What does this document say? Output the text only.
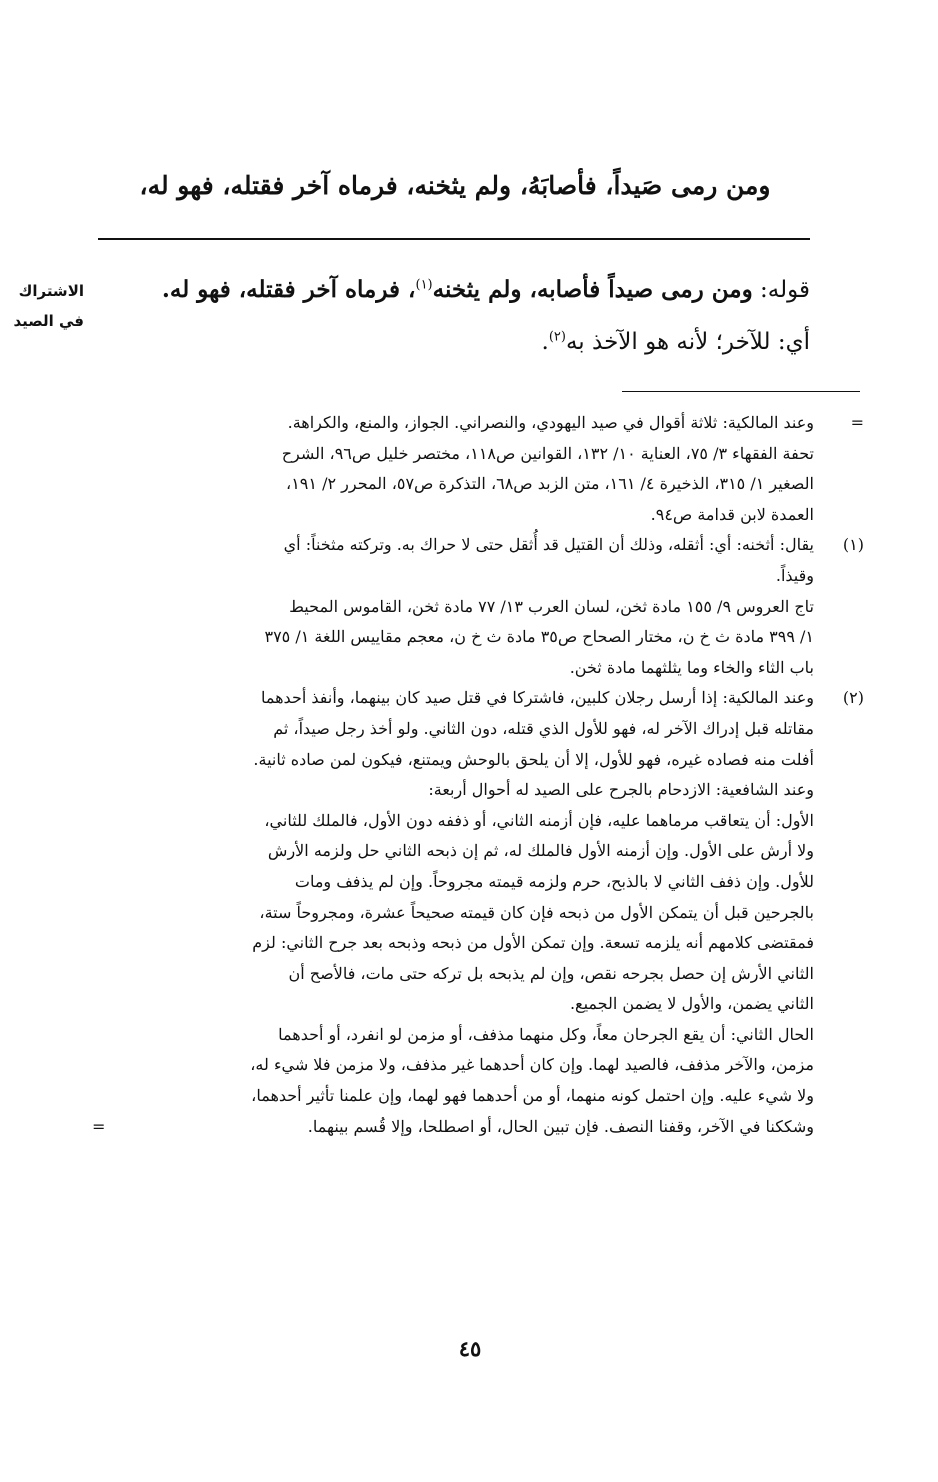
ومن رمى صَيداً، فأصابَهُ، ولم يثخنه، فرماه آخر فقتله، فهو له،
الاشتراك
في الصيد

قوله: ومن رمى صيداً فأصابه، ولم يثخنه$^{(١)}$، فرماه آخر فقتله، فهو له.

أي: للآخر؛ لأنه هو الآخذ به$^{(٢)}$.

=
وعند المالكية: ثلاثة أقوال في صيد اليهودي، والنصراني. الجواز، والمنع، والكراهة.
تحفة الفقهاء ٣/ ٧٥، العناية ١٠/ ١٣٢، القوانين ص١١٨، مختصر خليل ص٩٦، الشرح
الصغير ١/ ٣١٥، الذخيرة ٤/ ١٦١، متن الزبد ص٦٨، التذكرة ص٥٧، المحرر ٢/ ١٩١،
العمدة لابن قدامة ص٩٤.
(١)
يقال: أثخنه: أي: أثقله، وذلك أن القتيل قد أُثقل حتى لا حراك به. وتركته مثخناً: أي
وقيذاً.
تاج العروس ٩/ ١٥٥ مادة ثخن، لسان العرب ١٣/ ٧٧ مادة ثخن، القاموس المحيط
١/ ٣٩٩ مادة ث خ ن، مختار الصحاح ص٣٥ مادة ث خ ن، معجم مقاييس اللغة ١/ ٣٧٥
باب الثاء والخاء وما يثلثهما مادة ثخن.
(٢)
وعند المالكية: إذا أرسل رجلان كلبين، فاشتركا في قتل صيد كان بينهما، وأنفذ أحدهما
مقاتله قبل إدراك الآخر له، فهو للأول الذي قتله، دون الثاني. ولو أخذ رجل صيداً، ثم
أفلت منه فصاده غيره، فهو للأول، إلا أن يلحق بالوحش ويمتنع، فيكون لمن صاده ثانية.
وعند الشافعية: الازدحام بالجرح على الصيد له أحوال أربعة:
الأول: أن يتعاقب مرماهما عليه، فإن أزمنه الثاني، أو ذففه دون الأول، فالملك للثاني،
ولا أرش على الأول. وإن أزمنه الأول فالملك له، ثم إن ذبحه الثاني حل ولزمه الأرش
للأول. وإن ذفف الثاني لا بالذبح، حرم ولزمه قيمته مجروحاً. وإن لم يذفف ومات
بالجرحين قبل أن يتمكن الأول من ذبحه فإن كان قيمته صحيحاً عشرة، ومجروحاً ستة،
فمقتضى كلامهم أنه يلزمه تسعة. وإن تمكن الأول من ذبحه وذبحه بعد جرح الثاني: لزم
الثاني الأرش إن حصل بجرحه نقص، وإن لم يذبحه بل تركه حتى مات، فالأصح أن
الثاني يضمن، والأول لا يضمن الجميع.
الحال الثاني: أن يقع الجرحان معاً، وكل منهما مذفف، أو مزمن لو انفرد، أو أحدهما
مزمن، والآخر مذفف، فالصيد لهما. وإن كان أحدهما غير مذفف، ولا مزمن فلا شيء له،
ولا شيء عليه. وإن احتمل كونه منهما، أو من أحدهما فهو لهما، وإن علمنا تأثير أحدهما،
وشككنا في الآخر، وقفنا النصف. فإن تبين الحال، أو اصطلحا، وإلا قُسم بينهما.
=
٤٥
